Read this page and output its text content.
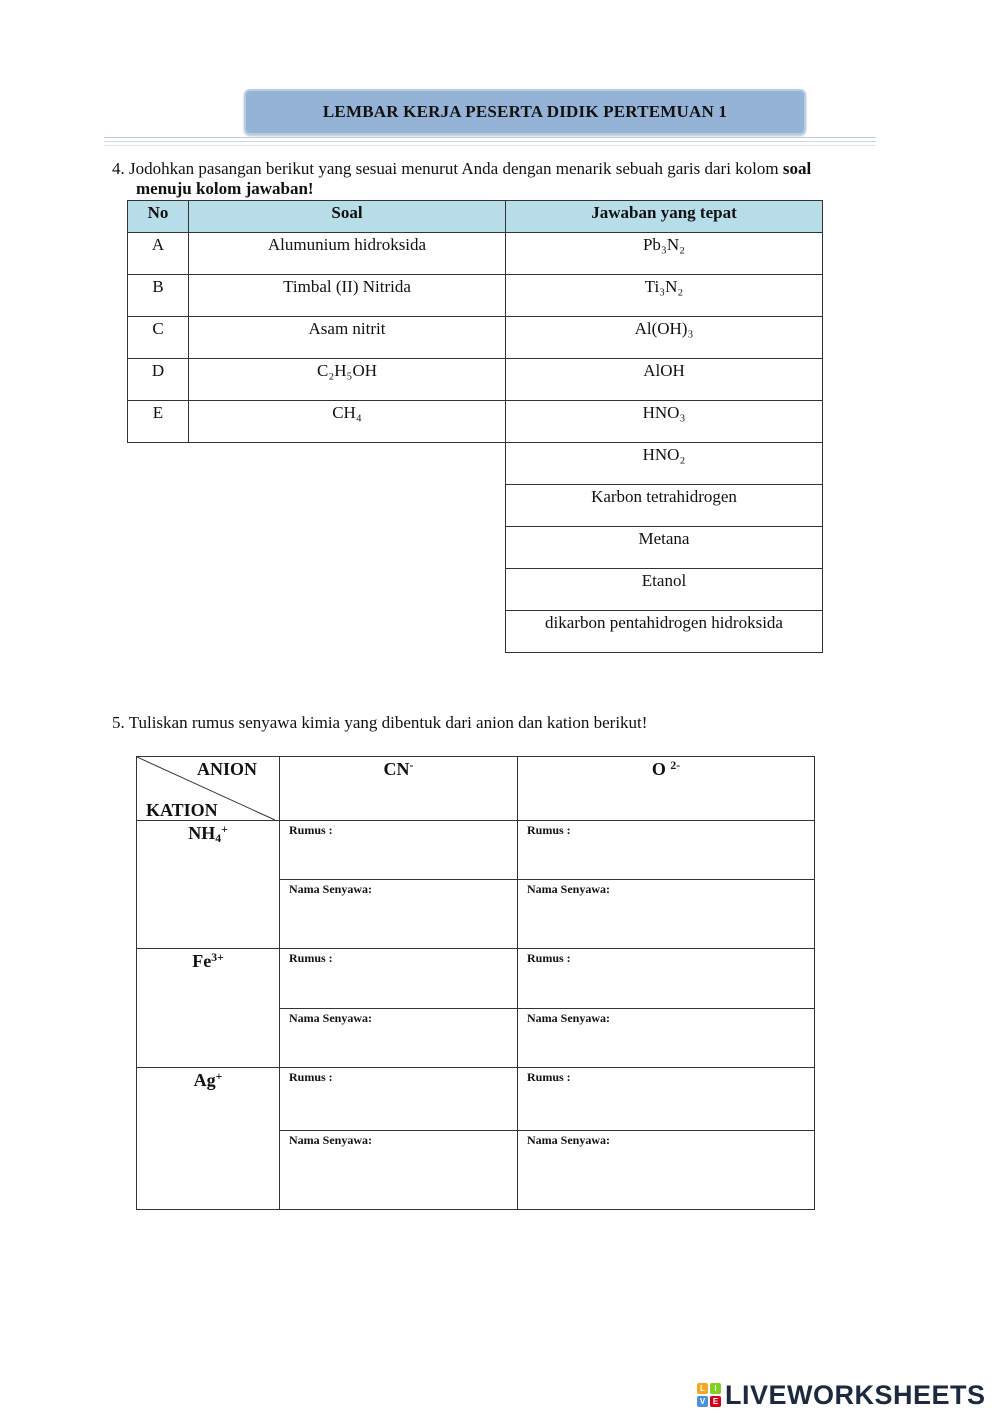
LEMBAR KERJA PESERTA DIDIK PERTEMUAN 1
4. Jodohkan pasangan berikut yang sesuai menurut Anda dengan menarik sebuah garis dari kolom soal
menuju kolom jawaban!
No	Soal	Jawaban yang tepat
A	Alumunium hidroksida	Pb₃N₂
B	Timbal (II) Nitrida	Ti₃N₂
C	Asam nitrit	Al(OH)₃
D	C₂H₅OH	AlOH
E	CH₄	HNO₃
		HNO₂
		Karbon tetrahidrogen
		Metana
		Etanol
		dikarbon pentahidrogen hidroksida
5. Tuliskan rumus senyawa kimia yang dibentuk dari anion dan kation berikut!
ANION
KATION	CN-	O $^{2-}$
$NH_4^+$	Rumus :	Rumus :
	Nama Senyawa:	Nama Senyawa:
$Fe^{3+}$	Rumus :	Rumus :
	Nama Senyawa:	Nama Senyawa:
Ag+	Rumus :	Rumus :
	Nama Senyawa:	Nama Senyawa:
L	I
V E LIVEWORKSHEETS
